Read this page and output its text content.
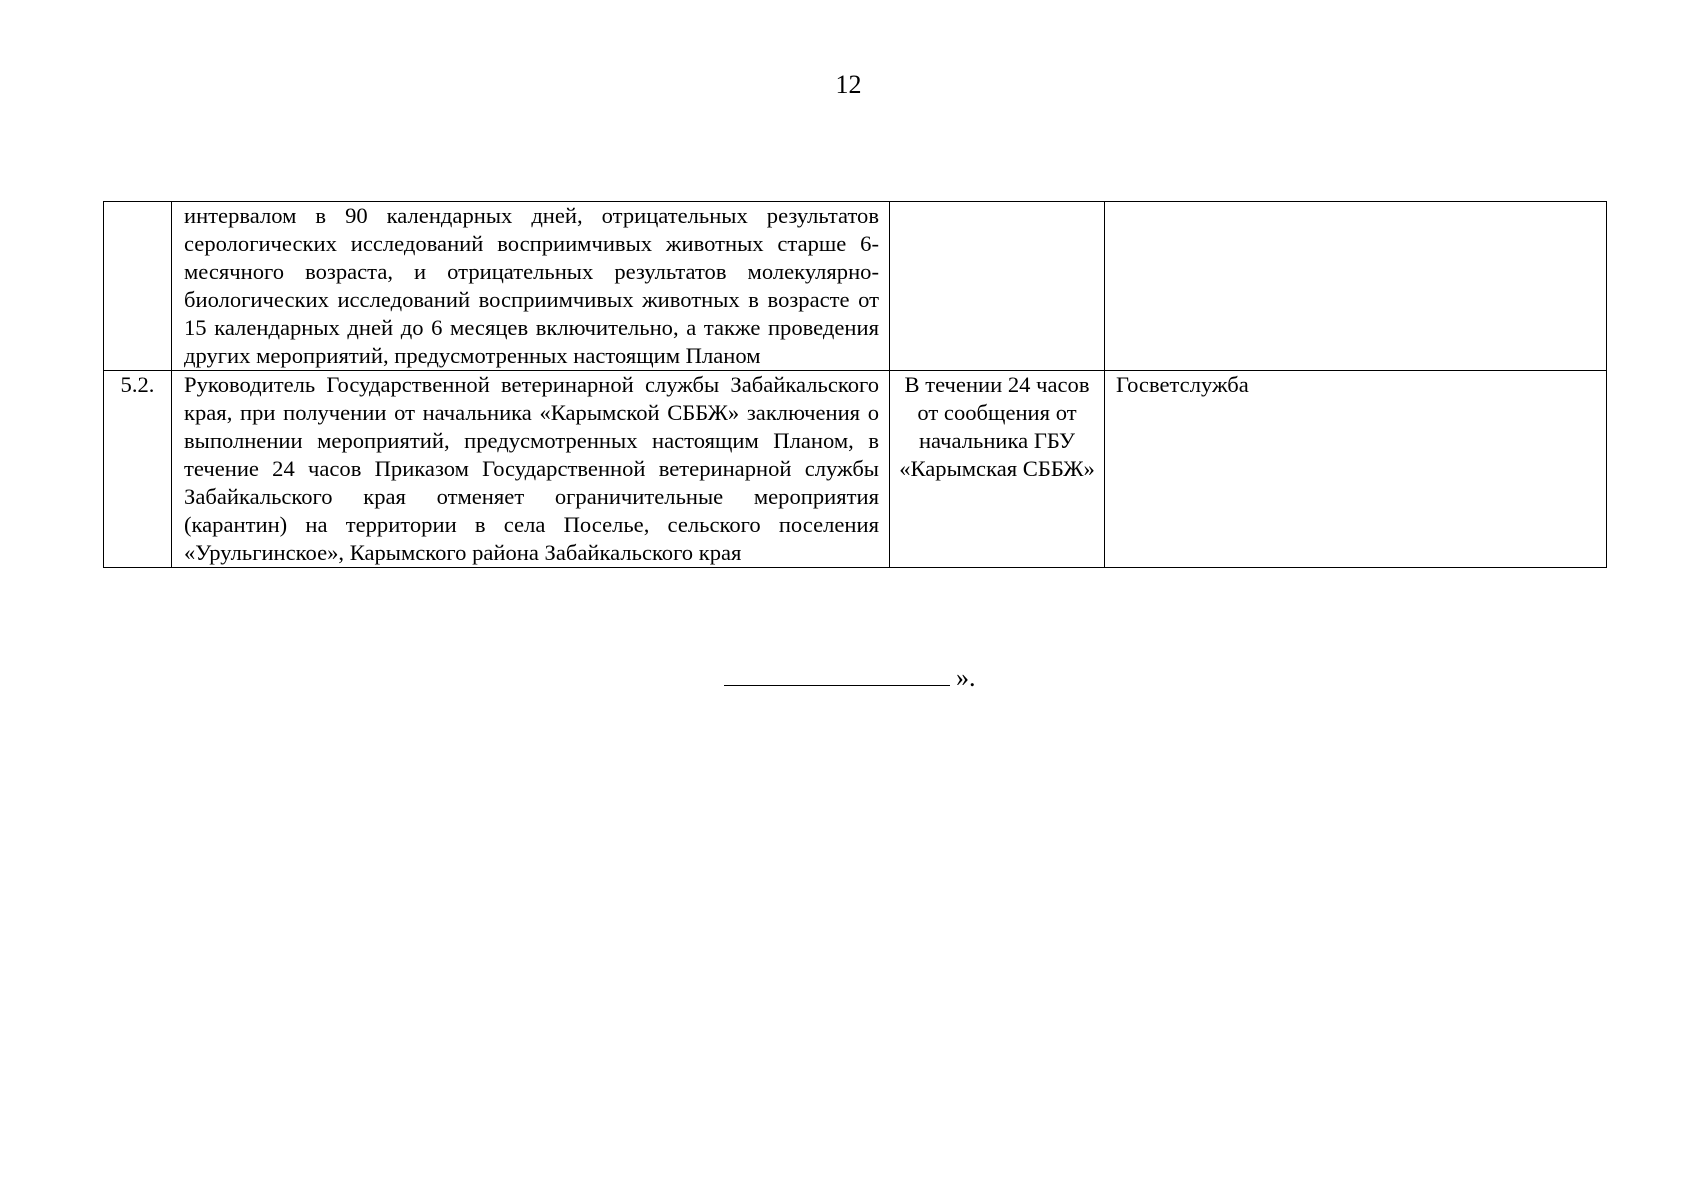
12
	интервалом в 90 календарных дней, отрицательных результатов серологических исследований восприимчивых животных старше 6-месячного возраста, и отрицательных результатов молекулярно-биологических исследований восприимчивых животных в возрасте от 15 календарных дней до 6 месяцев включительно, а также проведения других мероприятий, предусмотренных настоящим Планом		
5.2.	Руководитель Государственной ветеринарной службы Забайкальского края, при получении от начальника «Карымской СББЖ» заключения о выполнении мероприятий, предусмотренных настоящим Планом, в течение 24 часов Приказом Государственной ветеринарной службы Забайкальского края отменяет ограничительные мероприятия (карантин) на территории в села Поселье, сельского поселения «Урульгинское», Карымского района Забайкальского края	В течении 24 часов от сообщения от начальника ГБУ «Карымская СББЖ»	Госветслужба
».
